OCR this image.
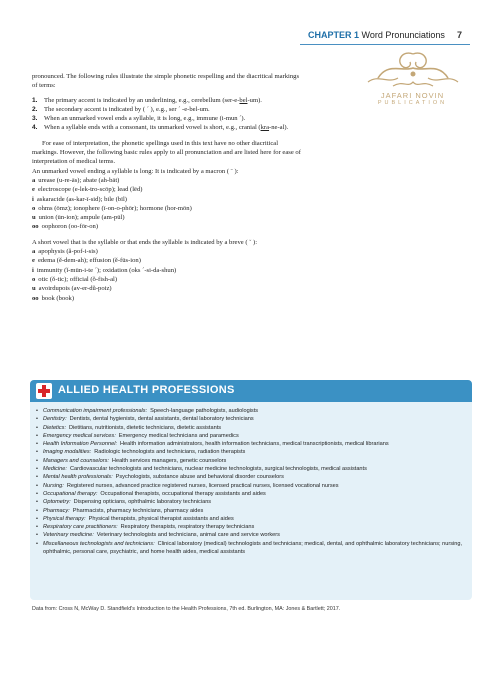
CHAPTER 1 Word Pronunciations 7
JAFARI NOVIN
PUBLICATION

pronounced. The following rules illustrate the simple phonetic respelling and the diacritical markings of terms:

1. The primary accent is indicated by an underlining, e.g., cerebellum (ser-e-bel-um).
2. The secondary accent is indicated by ( ˊ ), e.g., ser ˊ -e-bel-um.
3. When an unmarked vowel ends a syllable, it is long, e.g., immune (i-mun ˊ).
4. When a syllable ends with a consonant, its unmarked vowel is short, e.g., cranial (kra-ne-al).

For ease of interpretation, the phonetic spellings used in this text have no other diacritical markings. However, the following basic rules apply to all pronunciation and are listed here for ease of interpretation of medical terms.

An unmarked vowel ending a syllable is long: It is indicated by a macron ( ˉ ):

a urease (u-re-ās); abate (ah-bāt)
e electroscope (e-lek-tro-scōp); lead (lēd)
i askaracide (as-kar-ī-sid); bile (bīl)
o ohms (ōmz); ionophere (ī-on-o-phōr); hormone (hor-mōn)
u union (ūn-ion); ampule (am-pūl)
oo oophoron (oo-fōr-on)

A short vowel that is the syllable or that ends the syllable is indicated by a breve ( ˘ ):

a apophysis (ă-pof-i-sis)
e edema (ĕ-dem-ah); effusion (ĕ-fūs-ion)
i immunity (ĭ-mūn-i-te ˊ); oxidation (oks ˊ-si-da-shun)
o otic (ŏ-tic); official (ŏ-fish-al)
u avoirdupois (av-er-dŭ-poiz)
oo book (book)
ALLIED HEALTH PROFESSIONS
• Communication impairment professionals: Speech-language pathologists, audiologists
• Dentistry: Dentists, dental hygienists, dental assistants, dental laboratory technicians
• Dietetics: Dietitians, nutritionists, dietetic technicians, dietetic assistants
• Emergency medical services: Emergency medical technicians and paramedics
• Health Information Personnel: Health information administrators, health information technicians, medical transcriptionists, medical librarians
• Imaging modalities: Radiologic technologists and technicians, radiation therapists
• Managers and counselors: Health services managers, genetic counselors
• Medicine: Cardiovascular technologists and technicians, nuclear medicine technologists, surgical technologists, medical assistants
• Mental health professionals: Psychologists, substance abuse and behavioral disorder counselors
• Nursing: Registered nurses, advanced practice registered nurses, licensed practical nurses, licensed vocational nurses
• Occupational therapy: Occupational therapists, occupational therapy assistants and aides
• Optometry: Dispensing opticians, ophthalmic laboratory technicians
• Pharmacy: Pharmacists, pharmacy technicians, pharmacy aides
• Physical therapy: Physical therapists, physical therapist assistants and aides
• Respiratory care practitioners: Respiratory therapists, respiratory therapy technicians
• Veterinary medicine: Veterinary technologists and technicians, animal care and service workers
• Miscellaneous technologists and technicians: Clinical laboratory (medical) technologists and technicians; medical, dental, and ophthalmic laboratory technicians; nursing, ophthalmic, personal care, psychiatric, and home health aides, medical assistants
Data from: Cross N, McWay D. Standfield's Introduction to the Health Professions, 7th ed. Burlington, MA: Jones & Bartlett; 2017.
